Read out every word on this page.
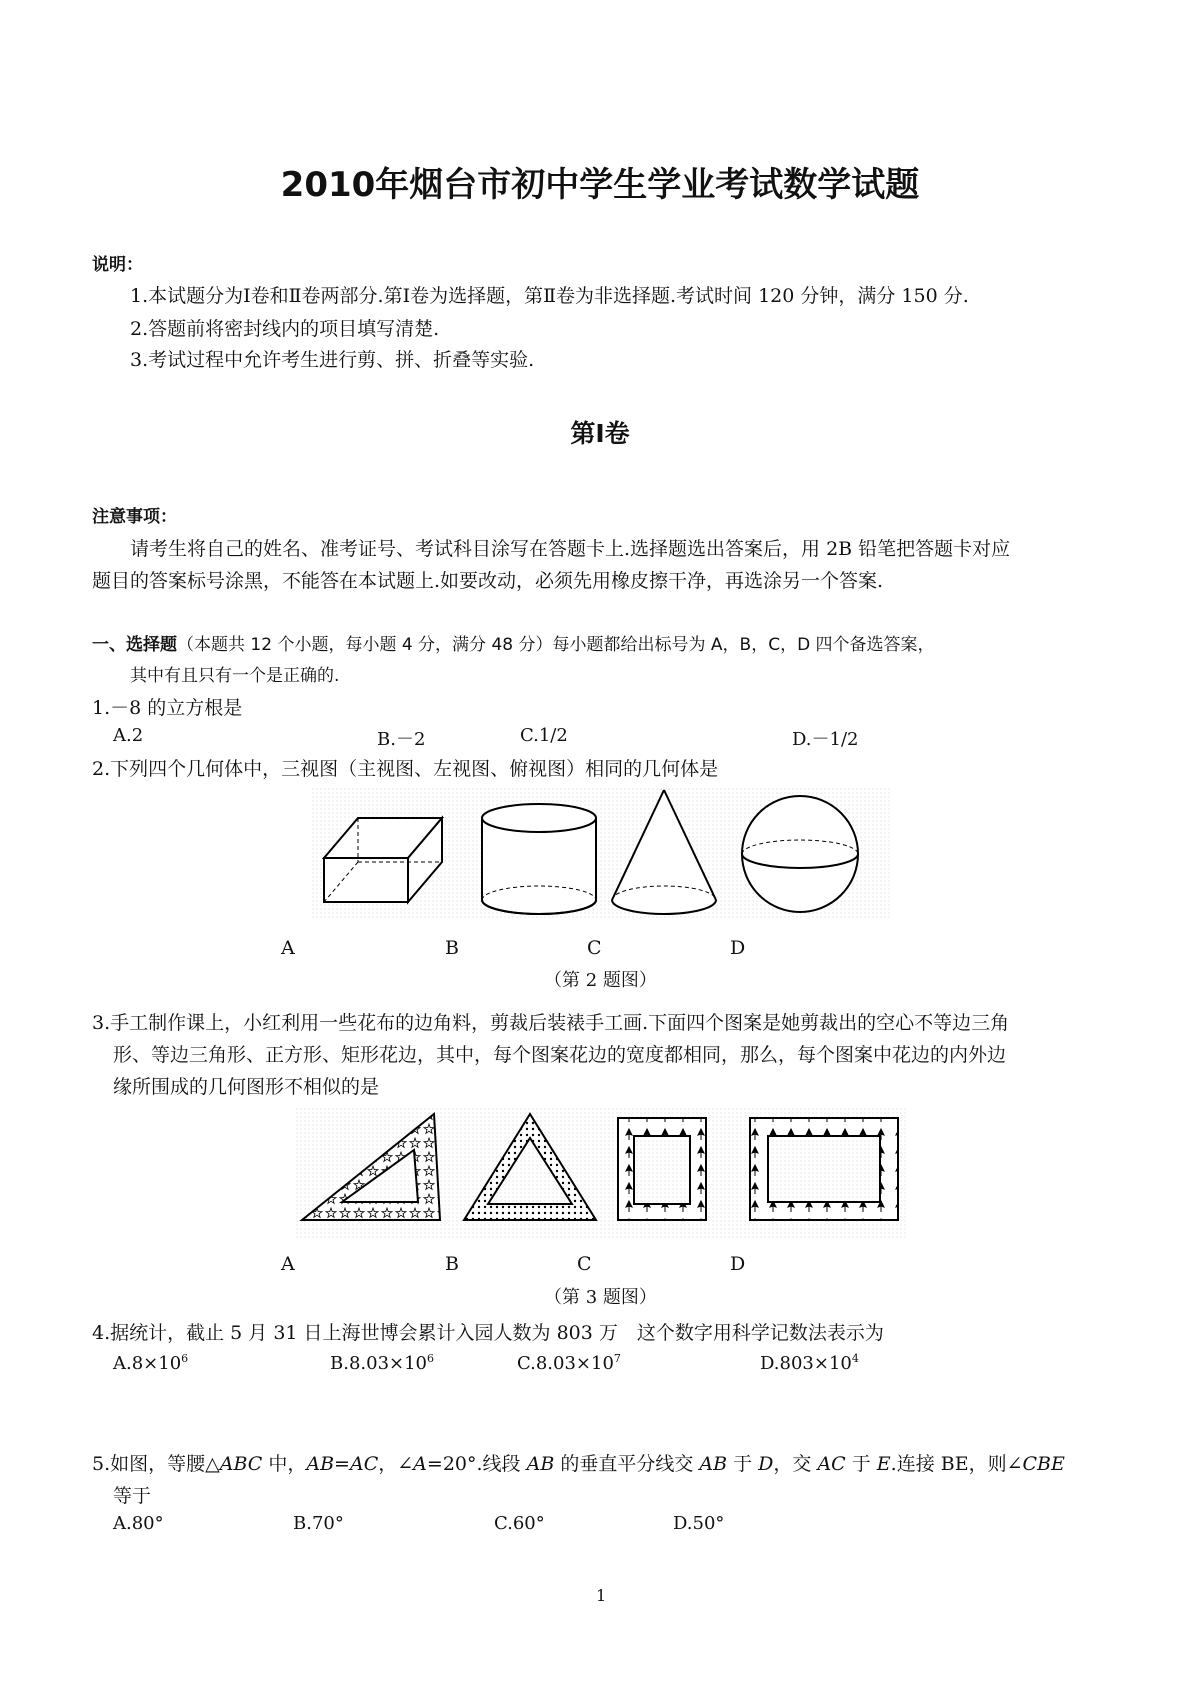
2010年烟台市初中学生学业考试数学试题
说明：
1.本试题分为Ⅰ卷和Ⅱ卷两部分.第Ⅰ卷为选择题，第Ⅱ卷为非选择题.考试时间 120 分钟，满分 150 分.
2.答题前将密封线内的项目填写清楚.
3.考试过程中允许考生进行剪、拼、折叠等实验.
第Ⅰ卷
注意事项：
请考生将自己的姓名、准考证号、考试科目涂写在答题卡上.选择题选出答案后，用 2B 铅笔把答题卡对应
题目的答案标号涂黑，不能答在本试题上.如要改动，必须先用橡皮擦干净，再选涂另一个答案.
一、选择题（本题共 12 个小题，每小题 4 分，满分 48 分）每小题都给出标号为 A，B，C，D 四个备选答案，
其中有且只有一个是正确的.
1.－8 的立方根是
A.2	B.－2	C.1/2	D.－1/2
2.下列四个几何体中，三视图（主视图、左视图、俯视图）相同的几何体是
A	B	C	D
（第 2 题图）
3.手工制作课上，小红利用一些花布的边角料，剪裁后装裱手工画.下面四个图案是她剪裁出的空心不等边三角
形、等边三角形、正方形、矩形花边，其中，每个图案花边的宽度都相同，那么，每个图案中花边的内外边
缘所围成的几何图形不相似的是
A	B	C	D
（第 3 题图）
4.据统计，截止 5 月 31 日上海世博会累计入园人数为 803 万　这个数字用科学记数法表示为
$A.8\times 10^6$	$B.8.03\times 10^6$	$C.8.03\times 10^7$	$D.803\times 10^4$
5.如图，等腰△ABC 中，AB=AC，∠A=20°.线段 AB 的垂直平分线交 AB 于 D，交 AC 于 E.连接 BE，则∠CBE
等于
A.80°	B.70°	C.60°	D.50°
1
